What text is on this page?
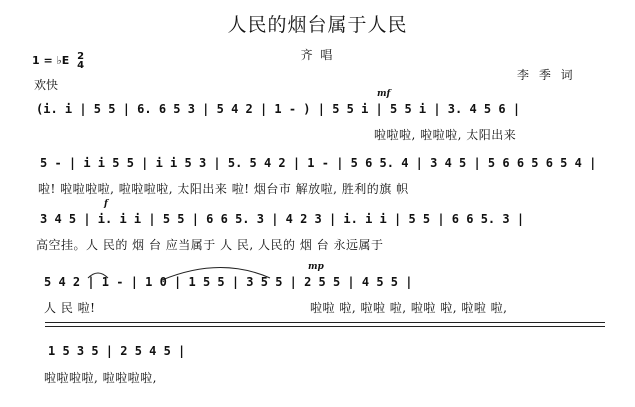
人民的烟台属于人民
齐 唱
1 = ♭E 2
4
欢快
李 季 词
mf
(i. i | 5 5 | 6. 6 5 3 | 5 4 2 | 1 - ) | 5 5 i | 5 5 i | 3. 4 5 6 |
啦啦啦, 啦啦啦, 太阳出来
5 - | i i 5 5 | i i 5 3 | 5. 5 4 2 | 1 - | 5 6 5. 4 | 3 4 5 | 5 6 6 5 6 5 4 |
啦! 啦啦啦啦, 啦啦啦啦, 太阳出来 啦! 烟台市 解放啦, 胜利的旗 帜
f
3 4 5 | i. i i | 5 5 | 6 6 5. 3 | 4 2 3 | i. i i | 5 5 | 6 6 5. 3 |
高空挂。人 民的 烟 台 应当属于 人 民, 人民的 烟 台 永远属于
mp
5 4 2 | 1 - | 1 0 | 1 5 5 | 3 5 5 | 2 5 5 | 4 5 5 |
人 民 啦!	啦啦 啦, 啦啦 啦, 啦啦 啦, 啦啦 啦,
1 5 3 5 | 2 5 4 5 |
啦啦啦啦, 啦啦啦啦,
